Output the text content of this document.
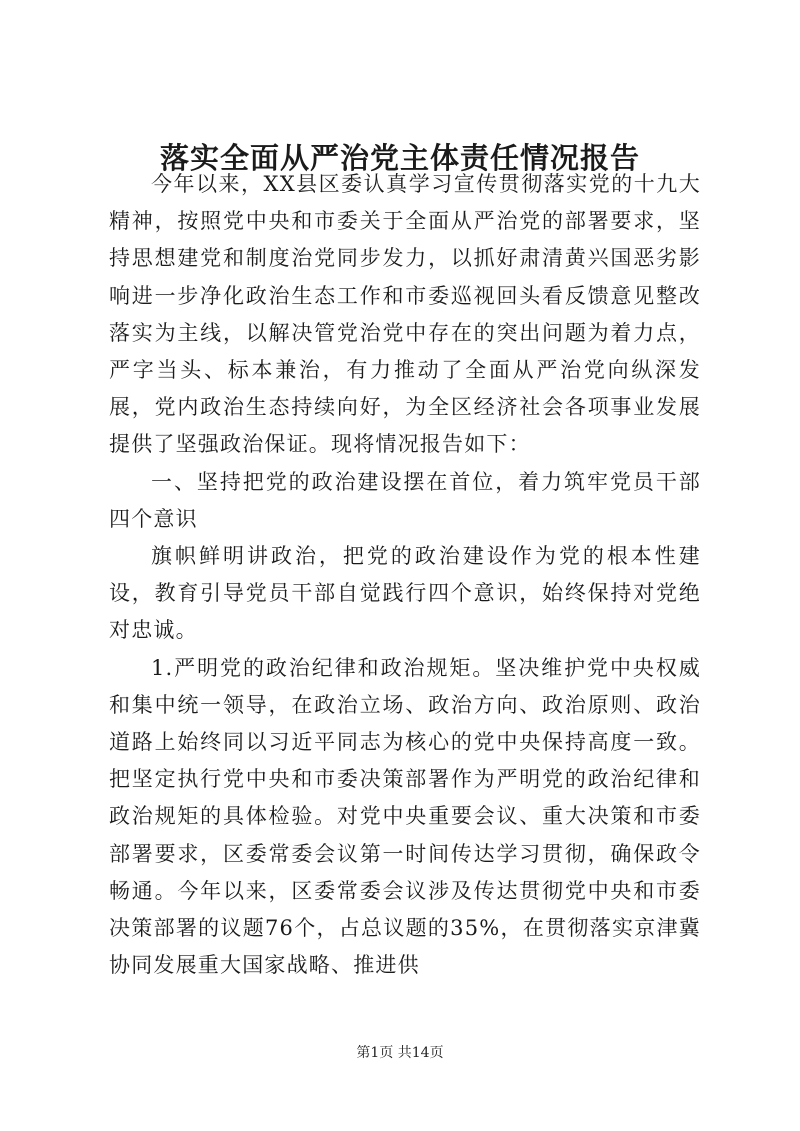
落实全面从严治党主体责任情况报告

今年以来，XX县区委认真学习宣传贯彻落实党的十九大精神，按照党中央和市委关于全面从严治党的部署要求，坚持思想建党和制度治党同步发力，以抓好肃清黄兴国恶劣影响进一步净化政治生态工作和市委巡视回头看反馈意见整改落实为主线，以解决管党治党中存在的突出问题为着力点，严字当头、标本兼治，有力推动了全面从严治党向纵深发展，党内政治生态持续向好，为全区经济社会各项事业发展提供了坚强政治保证。现将情况报告如下：

一、坚持把党的政治建设摆在首位，着力筑牢党员干部四个意识

旗帜鲜明讲政治，把党的政治建设作为党的根本性建设，教育引导党员干部自觉践行四个意识，始终保持对党绝对忠诚。

1.严明党的政治纪律和政治规矩。坚决维护党中央权威和集中统一领导，在政治立场、政治方向、政治原则、政治道路上始终同以习近平同志为核心的党中央保持高度一致。把坚定执行党中央和市委决策部署作为严明党的政治纪律和政治规矩的具体检验。对党中央重要会议、重大决策和市委部署要求，区委常委会议第一时间传达学习贯彻，确保政令畅通。今年以来，区委常委会议涉及传达贯彻党中央和市委决策部署的议题76个，占总议题的35%，在贯彻落实京津冀协同发展重大国家战略、推进供

第1页 共14页
